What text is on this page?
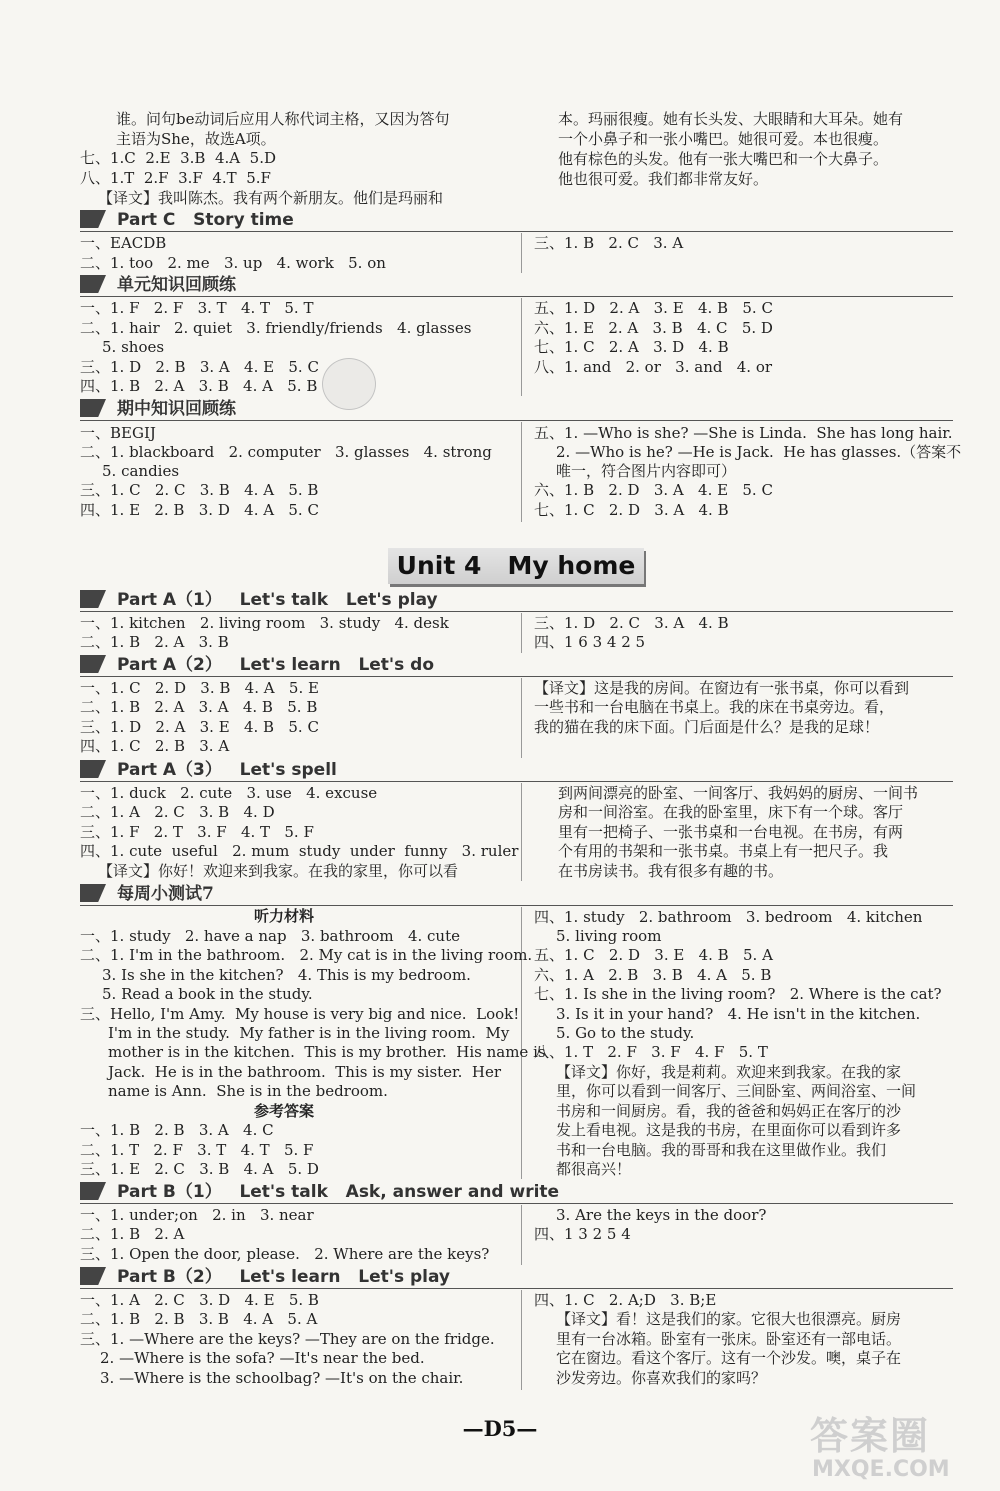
谁。问句be动词后应用人称代词主格，又因为答句
主语为She，故选A项。
七、1.C  2.E  3.B  4.A  5.D
八、1.T  2.F  3.F  4.T  5.F
【译文】我叫陈杰。我有两个新朋友。他们是玛丽和
本。玛丽很瘦。她有长头发、大眼睛和大耳朵。她有
一个小鼻子和一张小嘴巴。她很可爱。本也很瘦。
他有棕色的头发。他有一张大嘴巴和一个大鼻子。
他也很可爱。我们都非常友好。
Part C   Story time
一、EACDB
二、1. too   2. me   3. up   4. work   5. on
三、1. B   2. C   3. A
单元知识回顾练
一、1. F   2. F   3. T   4. T   5. T
二、1. hair   2. quiet   3. friendly/friends   4. glasses
5. shoes
三、1. D   2. B   3. A   4. E   5. C
四、1. B   2. A   3. B   4. A   5. B
五、1. D   2. A   3. E   4. B   5. C
六、1. E   2. A   3. B   4. C   5. D
七、1. C   2. A   3. D   4. B
八、1. and   2. or   3. and   4. or
期中知识回顾练
一、BEGIJ
二、1. blackboard   2. computer   3. glasses   4. strong
5. candies
三、1. C   2. C   3. B   4. A   5. B
四、1. E   2. B   3. D   4. A   5. C
五、1. —Who is she? —She is Linda.  She has long hair.
2. —Who is he? —He is Jack.  He has glasses.（答案不
唯一，符合图片内容即可）
六、1. B   2. D   3. A   4. E   5. C
七、1. C   2. D   3. A   4. B
Unit 4   My home
Part A（1）   Let's talk   Let's play
一、1. kitchen   2. living room   3. study   4. desk
二、1. B   2. A   3. B
三、1. D   2. C   3. A   4. B
四、1 6 3 4 2 5
Part A（2）   Let's learn   Let's do
一、1. C   2. D   3. B   4. A   5. E
二、1. B   2. A   3. A   4. B   5. B
三、1. D   2. A   3. E   4. B   5. C
四、1. C   2. B   3. A
【译文】这是我的房间。在窗边有一张书桌，你可以看到
一些书和一台电脑在书桌上。我的床在书桌旁边。看，
我的猫在我的床下面。门后面是什么？是我的足球！
Part A（3）   Let's spell
一、1. duck   2. cute   3. use   4. excuse
二、1. A   2. C   3. B   4. D
三、1. F   2. T   3. F   4. T   5. F
四、1. cute  useful   2. mum  study  under  funny   3. ruler
【译文】你好！欢迎来到我家。在我的家里，你可以看
到两间漂亮的卧室、一间客厅、我妈妈的厨房、一间书
房和一间浴室。在我的卧室里，床下有一个球。客厅
里有一把椅子、一张书桌和一台电视。在书房，有两
个有用的书架和一张书桌。书桌上有一把尺子。我
在书房读书。我有很多有趣的书。
每周小测试7
听力材料
一、1. study   2. have a nap   3. bathroom   4. cute
二、1. I'm in the bathroom.   2. My cat is in the living room.
3. Is she in the kitchen?   4. This is my bedroom.
5. Read a book in the study.
三、Hello, I'm Amy.  My house is very big and nice.  Look!
I'm in the study.  My father is in the living room.  My
mother is in the kitchen.  This is my brother.  His name is
Jack.  He is in the bathroom.  This is my sister.  Her
name is Ann.  She is in the bedroom.
参考答案
一、1. B   2. B   3. A   4. C
二、1. T   2. F   3. T   4. T   5. F
三、1. E   2. C   3. B   4. A   5. D
四、1. study   2. bathroom   3. bedroom   4. kitchen
5. living room
五、1. C   2. D   3. E   4. B   5. A
六、1. A   2. B   3. B   4. A   5. B
七、1. Is she in the living room?   2. Where is the cat?
3. Is it in your hand?   4. He isn't in the kitchen.
5. Go to the study.
八、1. T   2. F   3. F   4. F   5. T
【译文】你好，我是莉莉。欢迎来到我家。在我的家
里，你可以看到一间客厅、三间卧室、两间浴室、一间
书房和一间厨房。看，我的爸爸和妈妈正在客厅的沙
发上看电视。这是我的书房，在里面你可以看到许多
书和一台电脑。我的哥哥和我在这里做作业。我们
都很高兴！
Part B（1）   Let's talk   Ask, answer and write
一、1. under;on   2. in   3. near
二、1. B   2. A
三、1. Open the door, please.   2. Where are the keys?
3. Are the keys in the door?
四、1 3 2 5 4
Part B（2）   Let's learn   Let's play
一、1. A   2. C   3. D   4. E   5. B
二、1. B   2. B   3. B   4. A   5. A
三、1. —Where are the keys? —They are on the fridge.
2. —Where is the sofa? —It's near the bed.
3. —Where is the schoolbag? —It's on the chair.
四、1. C   2. A;D   3. B;E
【译文】看！这是我们的家。它很大也很漂亮。厨房
里有一台冰箱。卧室有一张床。卧室还有一部电话。
它在窗边。看这个客厅。这有一个沙发。噢，桌子在
沙发旁边。你喜欢我们的家吗？
—D5—	答案圈
MXQE.COM
